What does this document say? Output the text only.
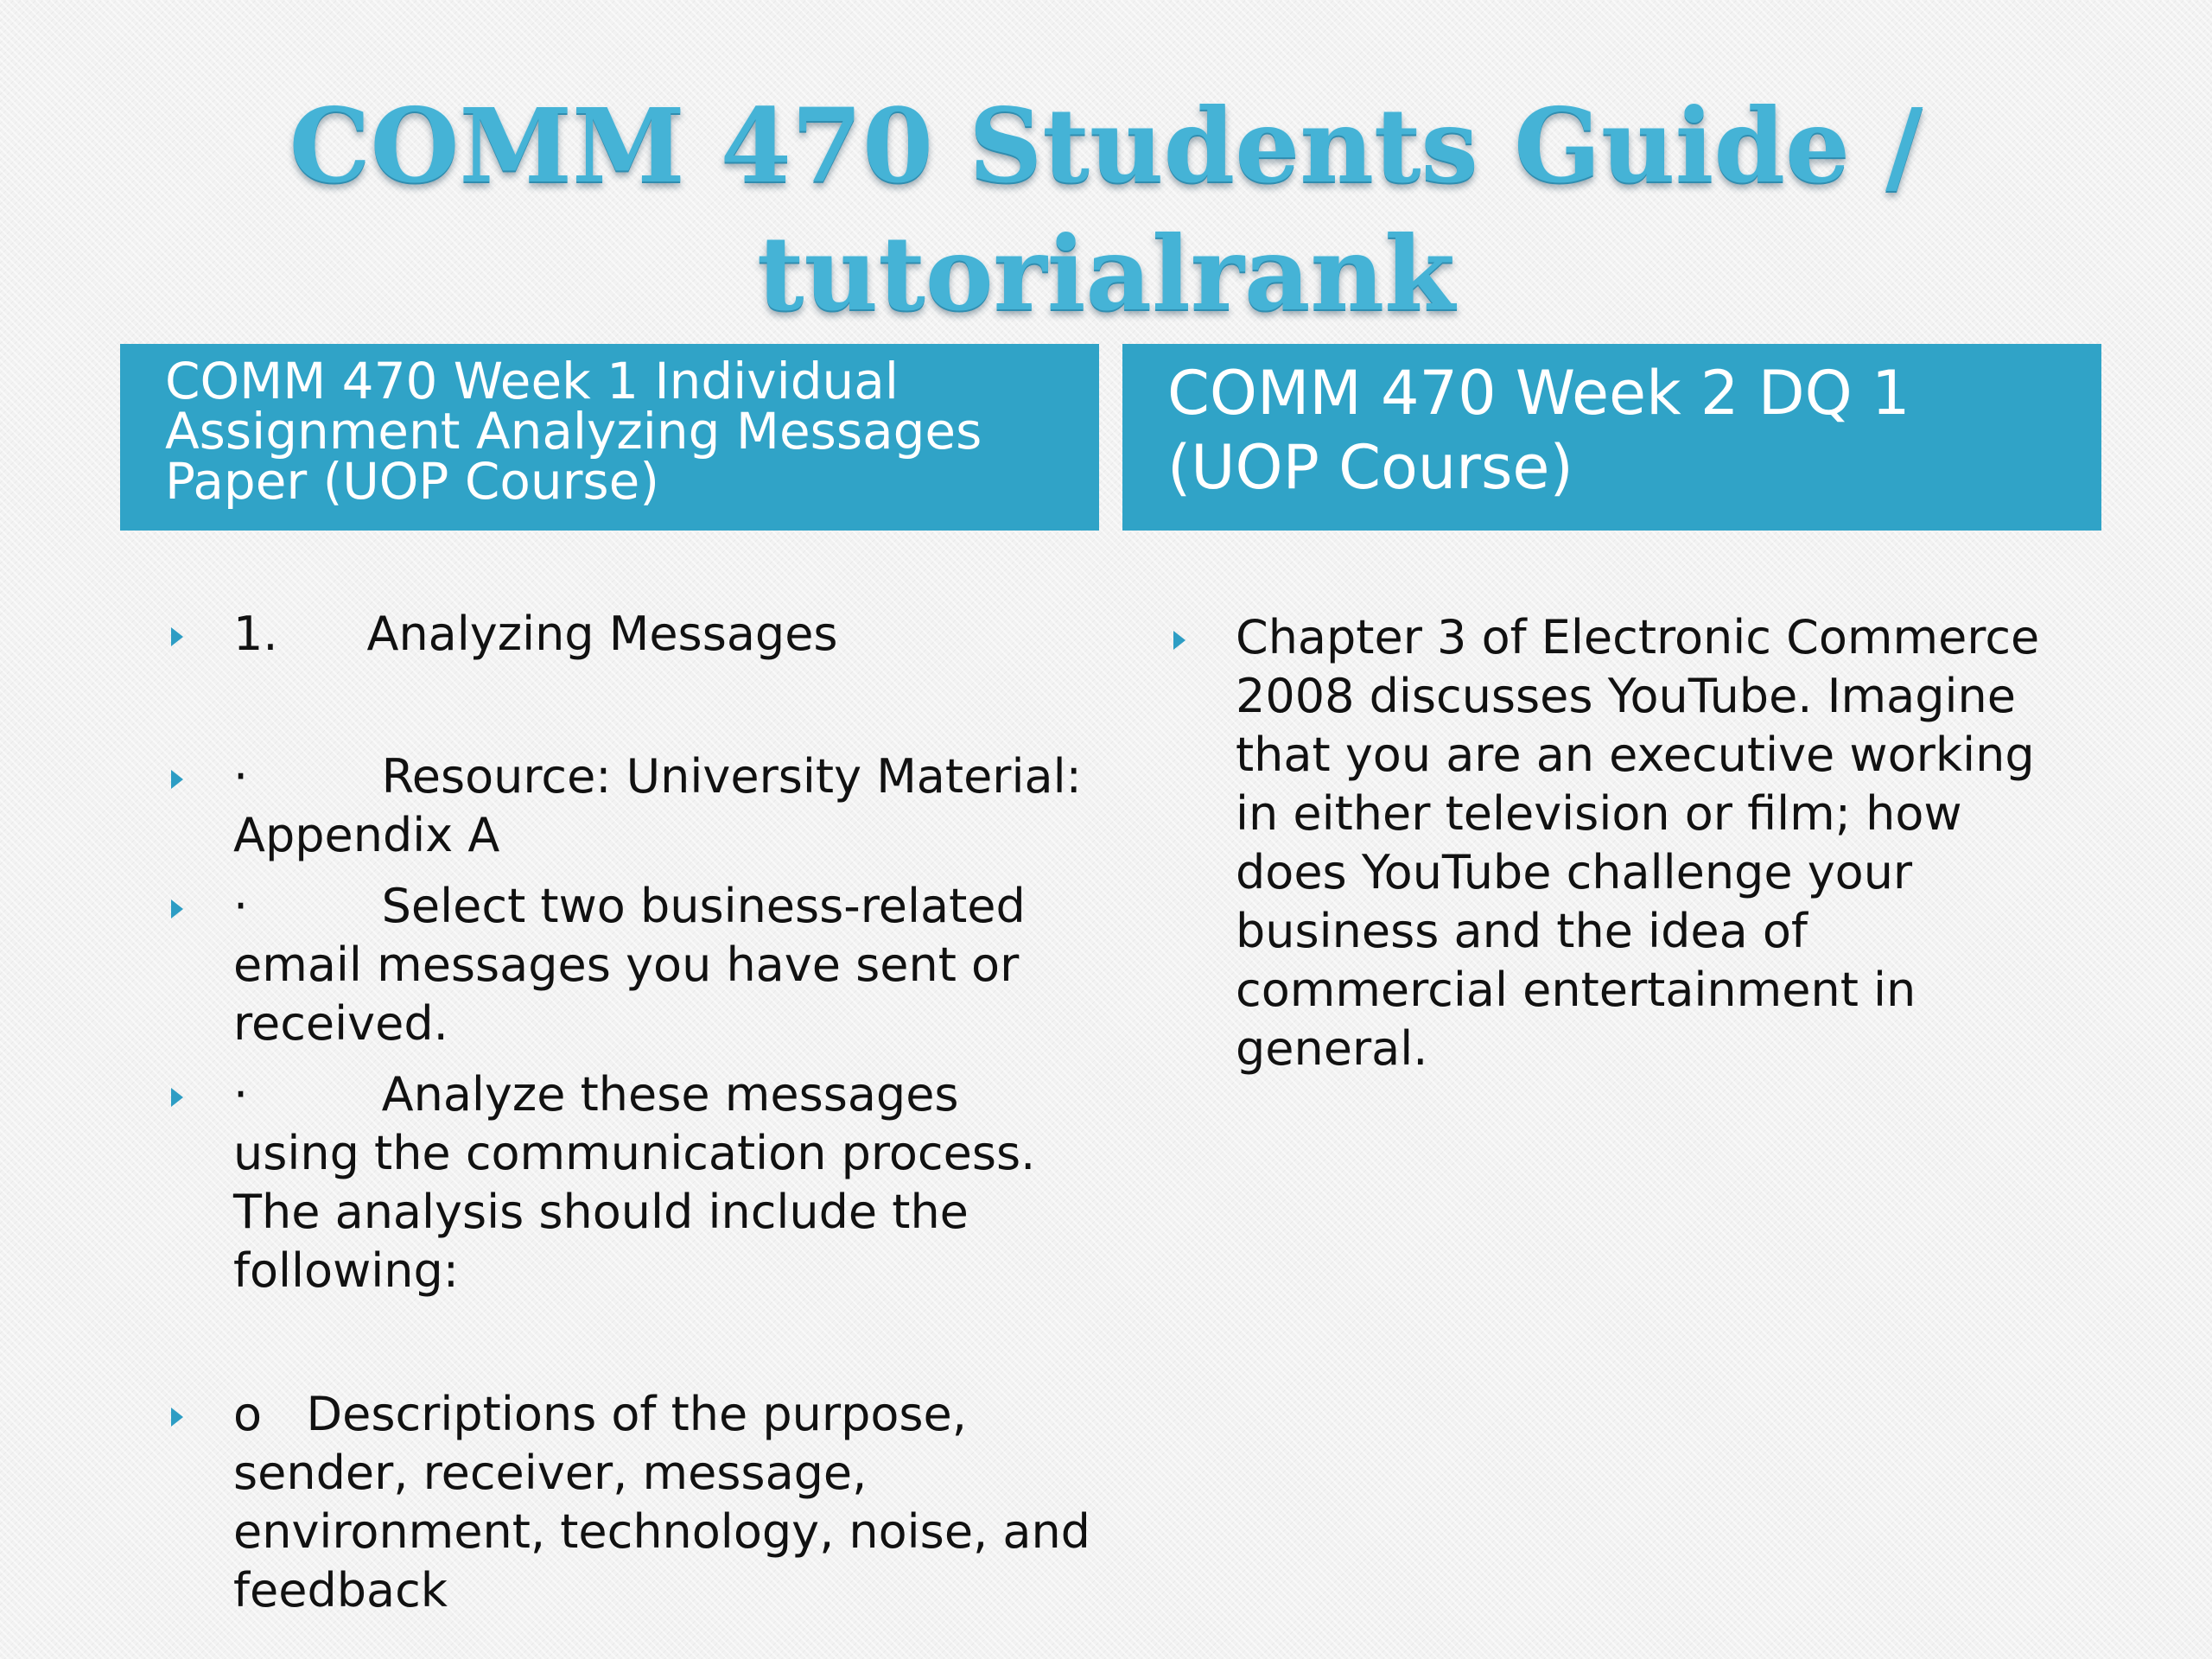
COMM 470 Students Guide /
tutorialrank
COMM 470 Week 1 Individual Assignment Analyzing Messages Paper (UOP Course)
COMM 470 Week 2 DQ 1 (UOP Course)
1.      Analyzing Messages
·         Resource: University Material: Appendix A
·         Select two business-related email messages you have sent or received.
·         Analyze these messages using the communication process. The analysis should include the following:
o   Descriptions of the purpose, sender, receiver, message, environment, technology, noise, and feedback
Chapter 3 of Electronic Commerce 2008 discusses YouTube. Imagine that you are an executive working in either television or film; how does YouTube challenge your business and the idea of commercial entertainment in general.
